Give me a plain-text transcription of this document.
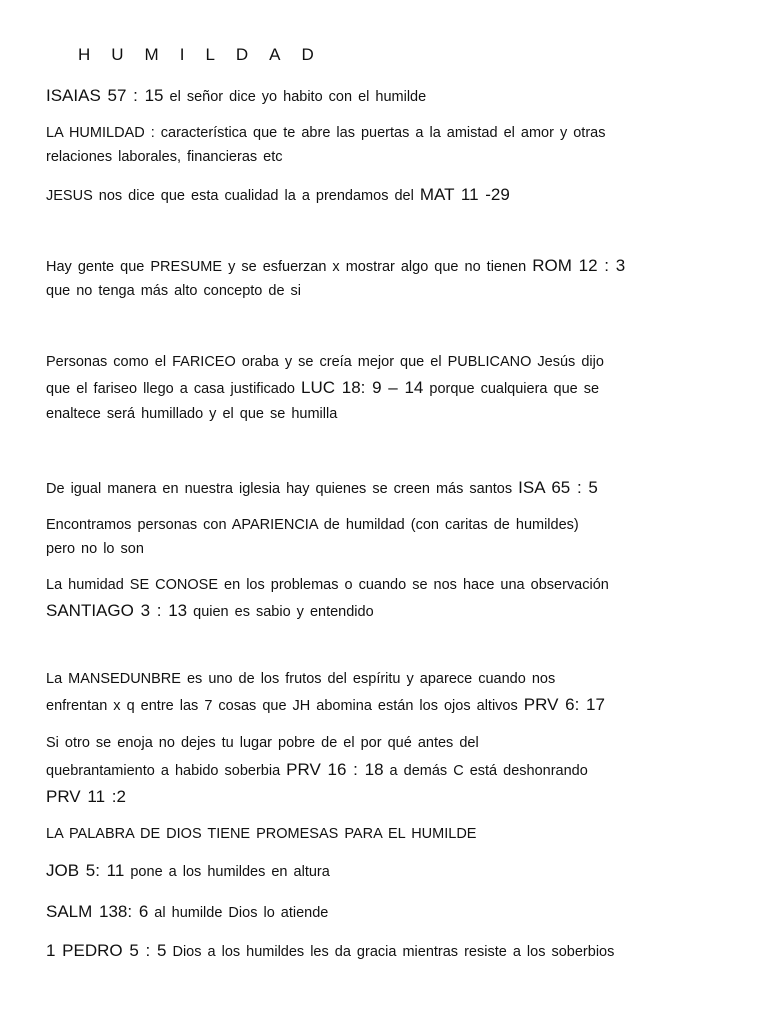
HUMILDAD
ISAIAS 57 : 15 el señor dice yo habito con el humilde
LA HUMILDAD : característica que te abre las puertas a la amistad el amor y otras
relaciones laborales, financieras etc
JESUS nos dice que esta cualidad la a prendamos del MAT 11 -29
Hay gente que PRESUME y se esfuerzan x mostrar algo que no tienen ROM 12 : 3
que no tenga más alto concepto de si
Personas como el FARICEO oraba y se creía mejor que el PUBLICANO Jesús dijo
que el fariseo llego a casa justificado LUC 18: 9 – 14 porque cualquiera que se
enaltece será humillado y el que se humilla
De igual manera en nuestra iglesia hay quienes se creen más santos ISA 65 : 5
Encontramos personas con APARIENCIA de humildad (con caritas de humildes)
pero no lo son
La humidad SE CONOSE en los problemas o cuando se nos hace una observación
SANTIAGO 3 : 13 quien es sabio y entendido
La MANSEDUNBRE es uno de los frutos del espíritu y aparece cuando nos
enfrentan x q entre las 7 cosas que JH abomina están los ojos altivos PRV 6: 17
Si otro se enoja no dejes tu lugar pobre de el por qué antes del
quebrantamiento a habido soberbia PRV 16 : 18 a demás C está deshonrando
PRV 11 :2
LA PALABRA DE DIOS TIENE PROMESAS PARA EL HUMILDE
JOB 5: 11 pone a los humildes en altura
SALM 138: 6 al humilde Dios lo atiende
1 PEDRO 5 : 5 Dios a los humildes les da gracia mientras resiste a los soberbios
